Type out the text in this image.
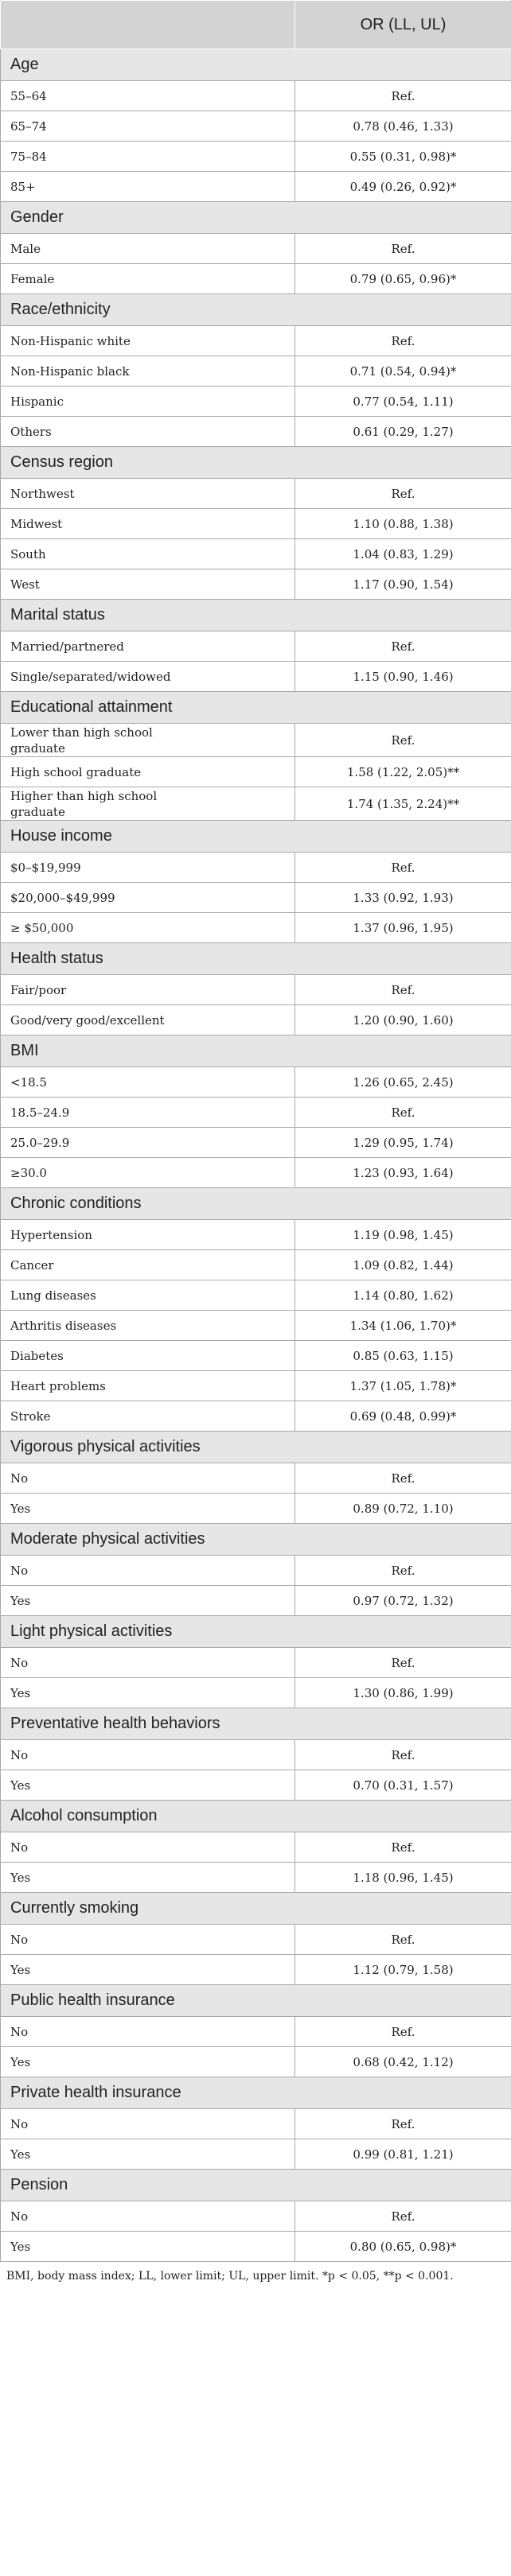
	OR (LL, UL)
Age	
55–64	Ref.
65–74	0.78 (0.46, 1.33)
75–84	0.55 (0.31, 0.98)*
85+	0.49 (0.26, 0.92)*
Gender	
Male	Ref.
Female	0.79 (0.65, 0.96)*
Race/ethnicity	
Non-Hispanic white	Ref.
Non-Hispanic black	0.71 (0.54, 0.94)*
Hispanic	0.77 (0.54, 1.11)
Others	0.61 (0.29, 1.27)
Census region	
Northwest	Ref.
Midwest	1.10 (0.88, 1.38)
South	1.04 (0.83, 1.29)
West	1.17 (0.90, 1.54)
Marital status	
Married/partnered	Ref.
Single/separated/widowed	1.15 (0.90, 1.46)
Educational attainment	
Lower than high school graduate	Ref.
High school graduate	1.58 (1.22, 2.05)**
Higher than high school graduate	1.74 (1.35, 2.24)**
House income	
$0–$19,999	Ref.
$20,000–$49,999	1.33 (0.92, 1.93)
≥ $50,000	1.37 (0.96, 1.95)
Health status	
Fair/poor	Ref.
Good/very good/excellent	1.20 (0.90, 1.60)
BMI	
<18.5	1.26 (0.65, 2.45)
18.5–24.9	Ref.
25.0–29.9	1.29 (0.95, 1.74)
≥30.0	1.23 (0.93, 1.64)
Chronic conditions	
Hypertension	1.19 (0.98, 1.45)
Cancer	1.09 (0.82, 1.44)
Lung diseases	1.14 (0.80, 1.62)
Arthritis diseases	1.34 (1.06, 1.70)*
Diabetes	0.85 (0.63, 1.15)
Heart problems	1.37 (1.05, 1.78)*
Stroke	0.69 (0.48, 0.99)*
Vigorous physical activities	
No	Ref.
Yes	0.89 (0.72, 1.10)
Moderate physical activities	
No	Ref.
Yes	0.97 (0.72, 1.32)
Light physical activities	
No	Ref.
Yes	1.30 (0.86, 1.99)
Preventative health behaviors	
No	Ref.
Yes	0.70 (0.31, 1.57)
Alcohol consumption	
No	Ref.
Yes	1.18 (0.96, 1.45)
Currently smoking	
No	Ref.
Yes	1.12 (0.79, 1.58)
Public health insurance	
No	Ref.
Yes	0.68 (0.42, 1.12)
Private health insurance	
No	Ref.
Yes	0.99 (0.81, 1.21)
Pension	
No	Ref.
Yes	0.80 (0.65, 0.98)*
BMI, body mass index; LL, lower limit; UL, upper limit. *p < 0.05, **p < 0.001.
